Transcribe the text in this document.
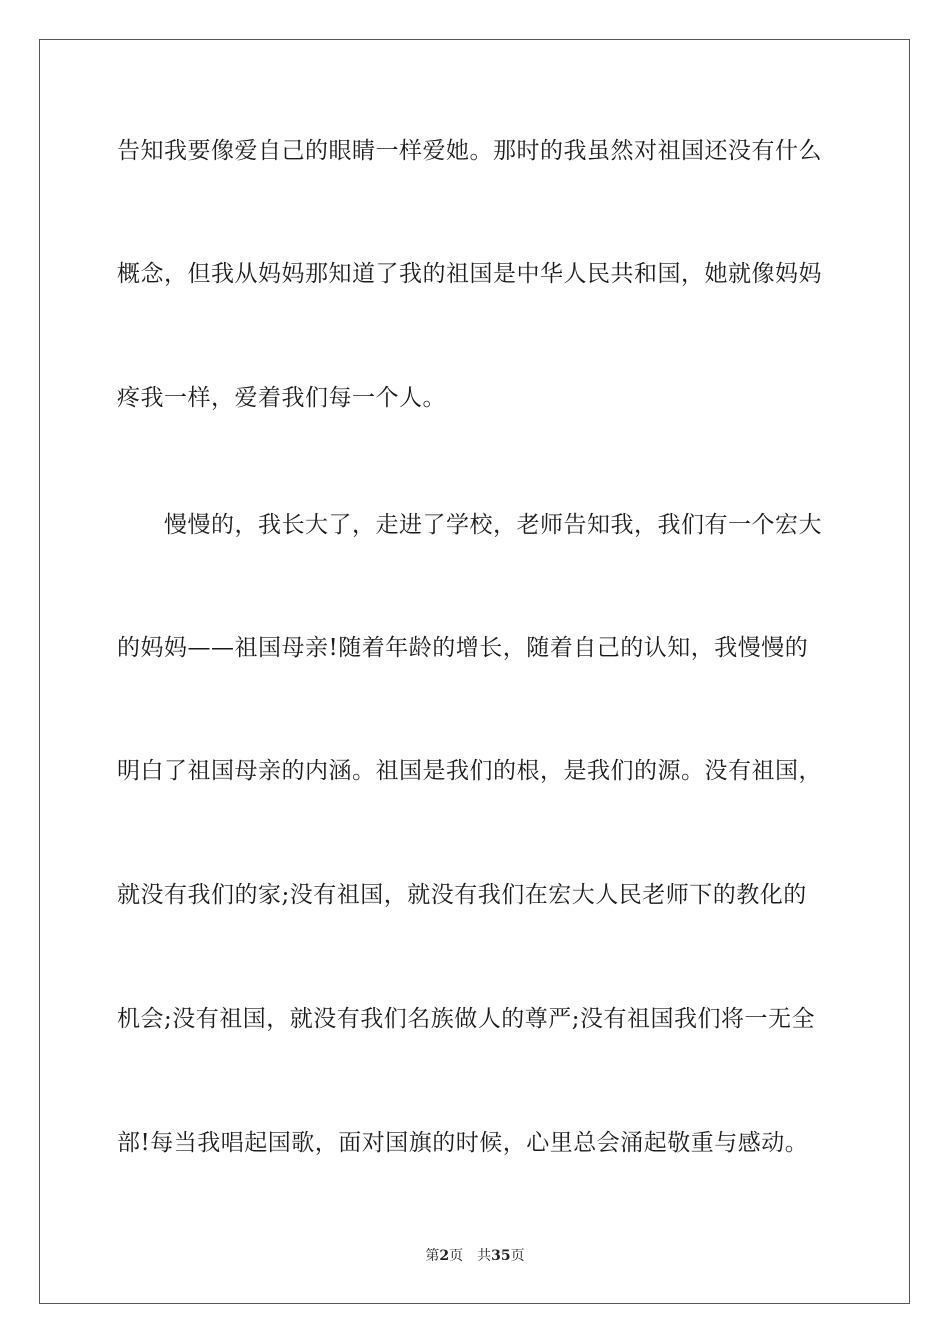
告知我要像爱自己的眼睛一样爱她。那时的我虽然对祖国还没有什么
概念，但我从妈妈那知道了我的祖国是中华人民共和国，她就像妈妈
疼我一样，爱着我们每一个人。
　　慢慢的，我长大了，走进了学校，老师告知我，我们有一个宏大
的妈妈——祖国母亲!随着年龄的增长，随着自己的认知，我慢慢的
明白了祖国母亲的内涵。祖国是我们的根，是我们的源。没有祖国，
就没有我们的家;没有祖国，就没有我们在宏大人民老师下的教化的
机会;没有祖国，就没有我们名族做人的尊严;没有祖国我们将一无全
部!每当我唱起国歌，面对国旗的时候，心里总会涌起敬重与感动。
第2页 共35页
